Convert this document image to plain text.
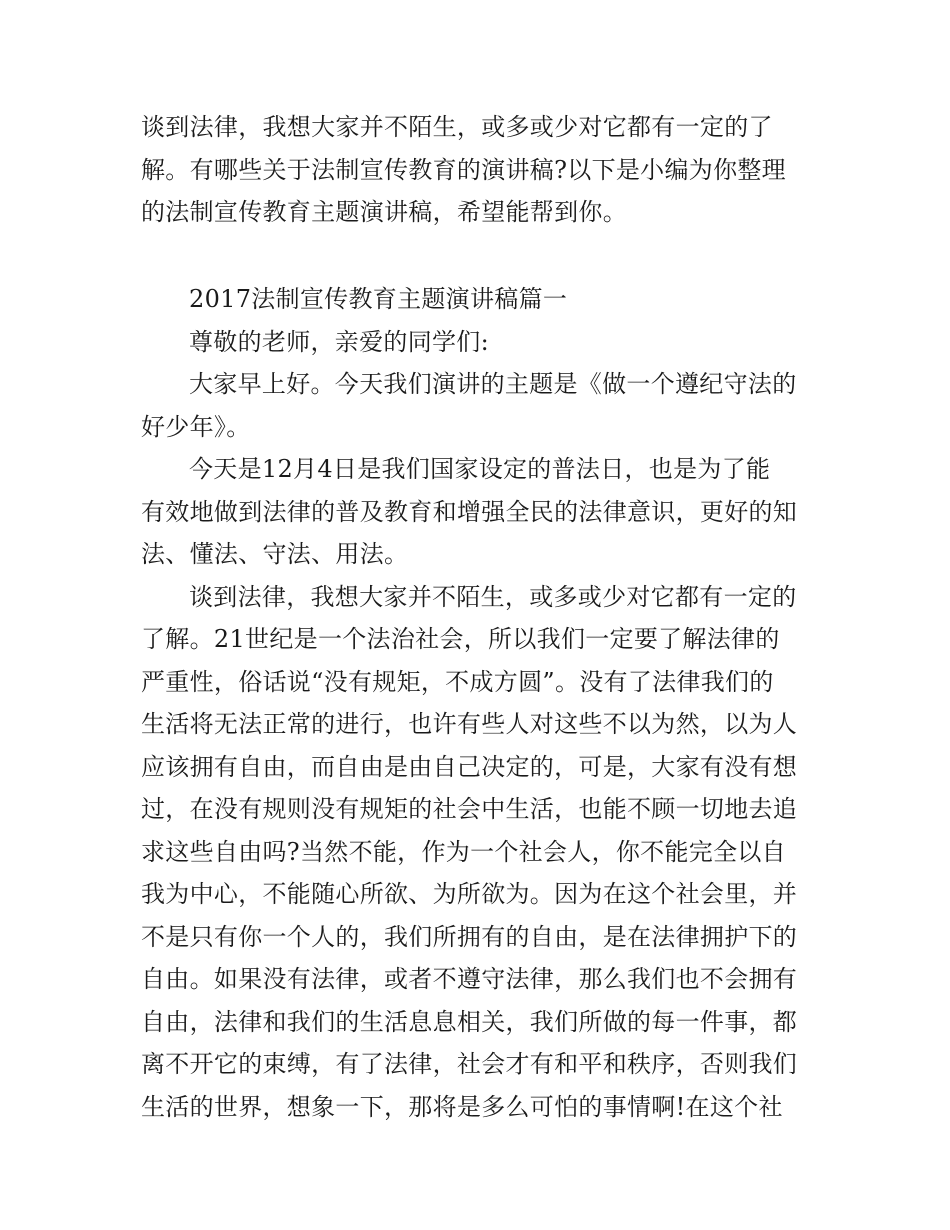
谈到法律，我想大家并不陌生，或多或少对它都有一定的了
解。有哪些关于法制宣传教育的演讲稿?以下是小编为你整理
的法制宣传教育主题演讲稿，希望能帮到你。
2017法制宣传教育主题演讲稿篇一
尊敬的老师，亲爱的同学们:
大家早上好。今天我们演讲的主题是《做一个遵纪守法的
好少年》。
今天是12月4日是我们国家设定的普法日，也是为了能
有效地做到法律的普及教育和增强全民的法律意识，更好的知
法、懂法、守法、用法。
谈到法律，我想大家并不陌生，或多或少对它都有一定的
了解。21世纪是一个法治社会，所以我们一定要了解法律的
严重性，俗话说“没有规矩，不成方圆”。没有了法律我们的
生活将无法正常的进行，也许有些人对这些不以为然，以为人
应该拥有自由，而自由是由自己决定的，可是，大家有没有想
过，在没有规则没有规矩的社会中生活，也能不顾一切地去追
求这些自由吗?当然不能，作为一个社会人，你不能完全以自
我为中心，不能随心所欲、为所欲为。因为在这个社会里，并
不是只有你一个人的，我们所拥有的自由，是在法律拥护下的
自由。如果没有法律，或者不遵守法律，那么我们也不会拥有
自由，法律和我们的生活息息相关，我们所做的每一件事，都
离不开它的束缚，有了法律，社会才有和平和秩序，否则我们
生活的世界，想象一下，那将是多么可怕的事情啊!在这个社
